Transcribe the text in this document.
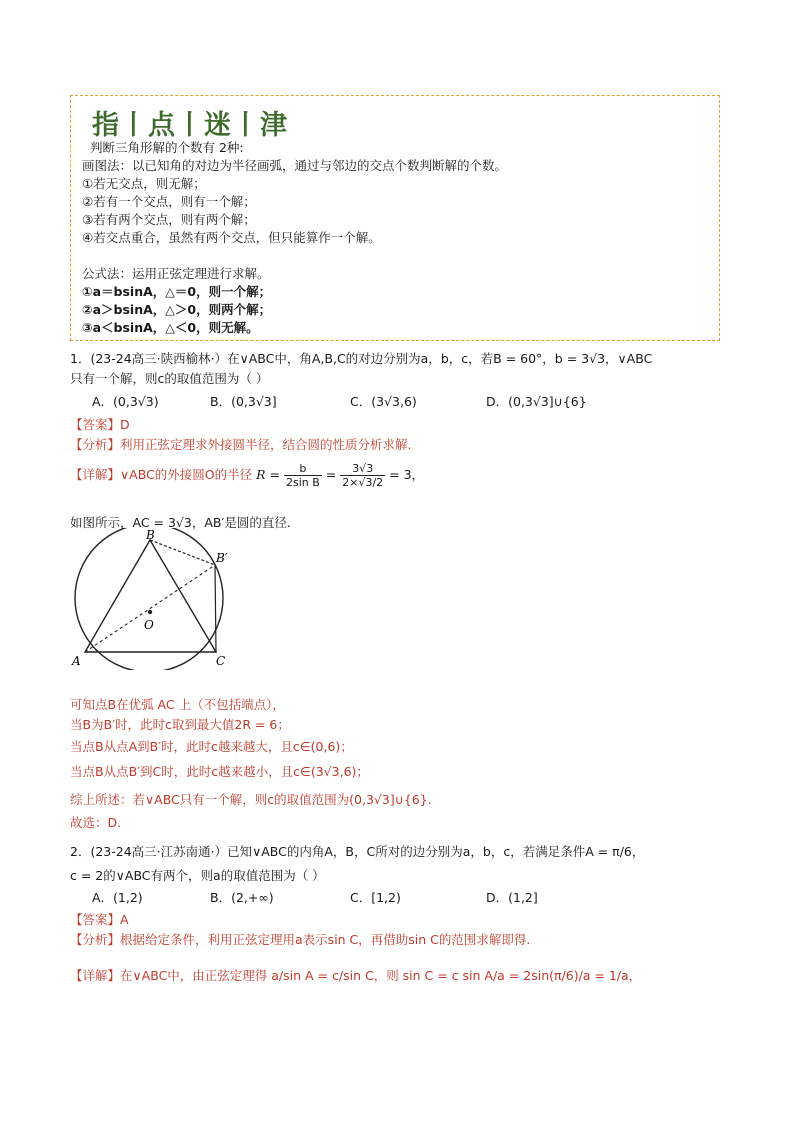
指丨点丨迷丨津
判断三角形解的个数有 2种:
画图法：以已知角的对边为半径画弧，通过与邻边的交点个数判断解的个数。
①若无交点，则无解；
②若有一个交点，则有一个解；
③若有两个交点，则有两个解；
④若交点重合，虽然有两个交点，但只能算作一个解。
公式法：运用正弦定理进行求解。
①a＝bsinA，△＝0，则一个解；
②a＞bsinA，△＞0，则两个解；
③a＜bsinA，△＜0，则无解。
1．(23-24高三·陕西榆林·）在∨ABC中，角A,B,C的对边分别为a，b，c，若B = 60°，b = 3√3，∨ABC
只有一个解，则c的取值范围为（ ）
A．(0,3√3)	B．(0,3√3]	C．(3√3,6)	D．(0,3√3]∪{6}
【答案】D
【分析】利用正弦定理求外接圆半径，结合圆的性质分析求解.
【详解】∨ABC的外接圆O的半径 $R = \frac{b}{\text{2sin B}} = \frac{3√3}{2\times√3/2} = 3$，
如图所示，AC = 3√3，AB′是圆的直径.
B
B′
O
A	C
可知点B在优弧 AC 上（不包括端点），
当B为B′时，此时c取到最大值2R = 6；
当点B从点A到B′时，此时c越来越大，且c∈(0,6)；
当点B从点B′到C时，此时c越来越小，且c∈(3√3,6)；
综上所述：若∨ABC只有一个解，则c的取值范围为(0,3√3]∪{6}.
故选：D.
2．(23-24高三·江苏南通·）已知∨ABC的内角A，B，C所对的边分别为a，b，c，若满足条件A = π/6，
c = 2的∨ABC有两个，则a的取值范围为（ ）
A．(1,2)	B．(2,+∞)	C．[1,2)	D．(1,2]
【答案】A
【分析】根据给定条件，利用正弦定理用a表示sin C，再借助sin C的范围求解即得.
【详解】在∨ABC中，由正弦定理得 a/sin A = c/sin C，则 sin C = c sin A/a = 2sin(π/6)/a = 1/a，
